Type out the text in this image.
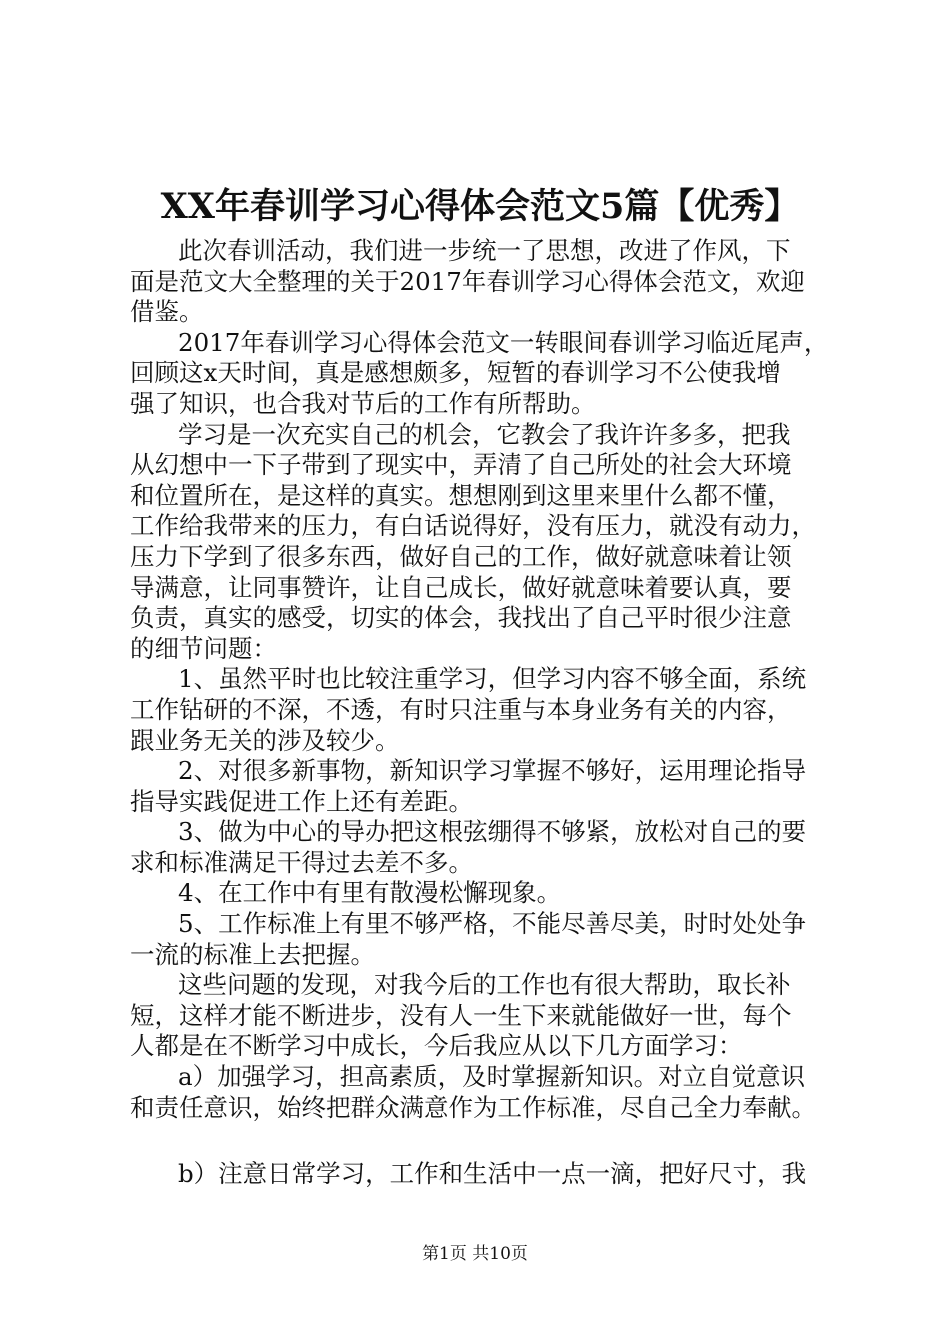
XX年春训学习心得体会范文5篇【优秀】
此次春训活动，我们进一步统一了思想，改进了作风，下
面是范文大全整理的关于2017年春训学习心得体会范文，欢迎
借鉴。
2017年春训学习心得体会范文一转眼间春训学习临近尾声，
回顾这x天时间，真是感想颇多，短暂的春训学习不公使我增
强了知识，也合我对节后的工作有所帮助。
学习是一次充实自己的机会，它教会了我许许多多，把我
从幻想中一下子带到了现实中，弄清了自己所处的社会大环境
和位置所在，是这样的真实。想想刚到这里来里什么都不懂，
工作给我带来的压力，有白话说得好，没有压力，就没有动力，
压力下学到了很多东西，做好自己的工作，做好就意味着让领
导满意，让同事赞许，让自己成长，做好就意味着要认真，要
负责，真实的感受，切实的体会，我找出了自己平时很少注意
的细节问题：
1、虽然平时也比较注重学习，但学习内容不够全面，系统
工作钻研的不深，不透，有时只注重与本身业务有关的内容，
跟业务无关的涉及较少。
2、对很多新事物，新知识学习掌握不够好，运用理论指导
指导实践促进工作上还有差距。
3、做为中心的导办把这根弦绷得不够紧，放松对自己的要
求和标准满足干得过去差不多。
4、在工作中有里有散漫松懈现象。
5、工作标准上有里不够严格，不能尽善尽美，时时处处争
一流的标准上去把握。
这些问题的发现，对我今后的工作也有很大帮助，取长补
短，这样才能不断进步，没有人一生下来就能做好一世，每个
人都是在不断学习中成长，今后我应从以下几方面学习：
a）加强学习，担高素质，及时掌握新知识。对立自觉意识
和责任意识，始终把群众满意作为工作标准，尽自己全力奉献。
b）注意日常学习，工作和生活中一点一滴，把好尺寸，我
第1页 共10页
